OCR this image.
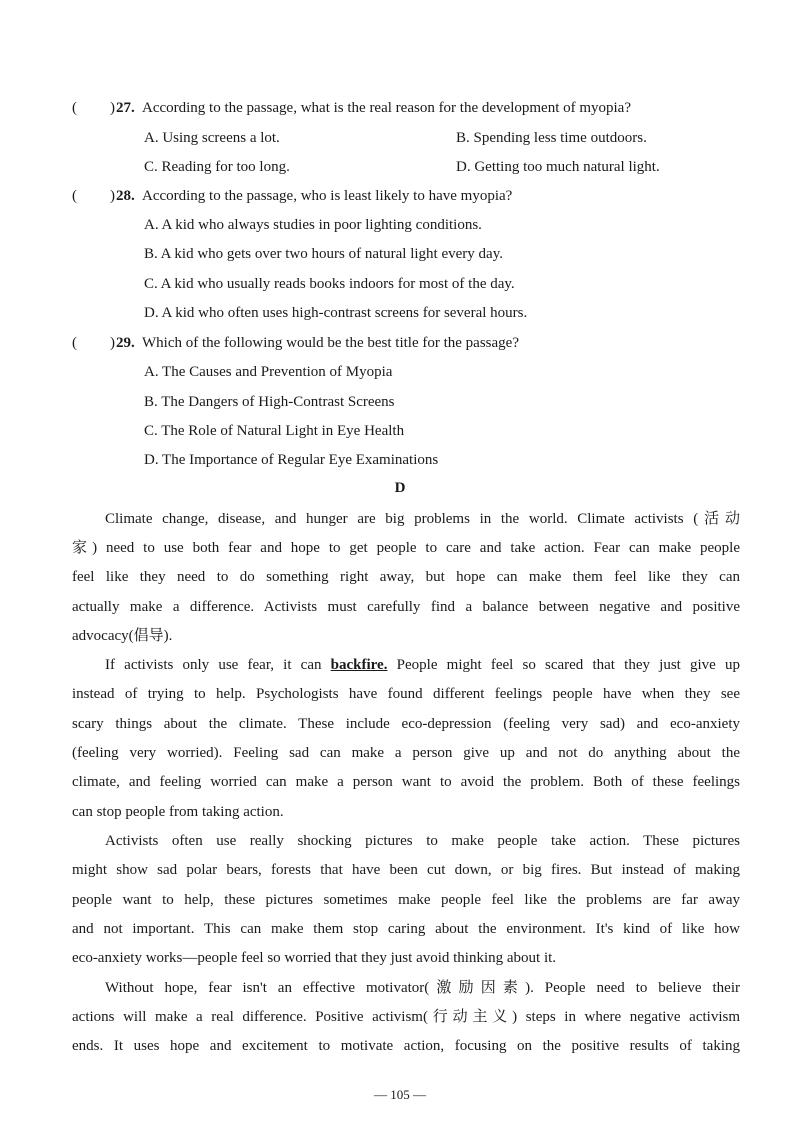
( ) 27. According to the passage, what is the real reason for the development of myopia?
A. Using screens a lot.	B. Spending less time outdoors.
C. Reading for too long.	D. Getting too much natural light.
( ) 28. According to the passage, who is least likely to have myopia?
A. A kid who always studies in poor lighting conditions.
B. A kid who gets over two hours of natural light every day.
C. A kid who usually reads books indoors for most of the day.
D. A kid who often uses high-contrast screens for several hours.
( ) 29. Which of the following would be the best title for the passage?
A. The Causes and Prevention of Myopia
B. The Dangers of High-Contrast Screens
C. The Role of Natural Light in Eye Health
D. The Importance of Regular Eye Examinations
D
Climate change, disease, and hunger are big problems in the world. Climate activists (活动
家) need to use both fear and hope to get people to care and take action. Fear can make people
feel like they need to do something right away, but hope can make them feel like they can
actually make a difference. Activists must carefully find a balance between negative and positive
advocacy(倡导).
If activists only use fear, it can backfire. People might feel so scared that they just give up
instead of trying to help. Psychologists have found different feelings people have when they see
scary things about the climate. These include eco-depression (feeling very sad) and eco-anxiety
(feeling very worried). Feeling sad can make a person give up and not do anything about the
climate, and feeling worried can make a person want to avoid the problem. Both of these feelings
can stop people from taking action.
Activists often use really shocking pictures to make people take action. These pictures
might show sad polar bears, forests that have been cut down, or big fires. But instead of making
people want to help, these pictures sometimes make people feel like the problems are far away
and not important. This can make them stop caring about the environment. It's kind of like how
eco-anxiety works—people feel so worried that they just avoid thinking about it.
Without hope, fear isn't an effective motivator(激励因素). People need to believe their
actions will make a real difference. Positive activism(行动主义) steps in where negative activism
ends. It uses hope and excitement to motivate action, focusing on the positive results of taking
— 105 —
